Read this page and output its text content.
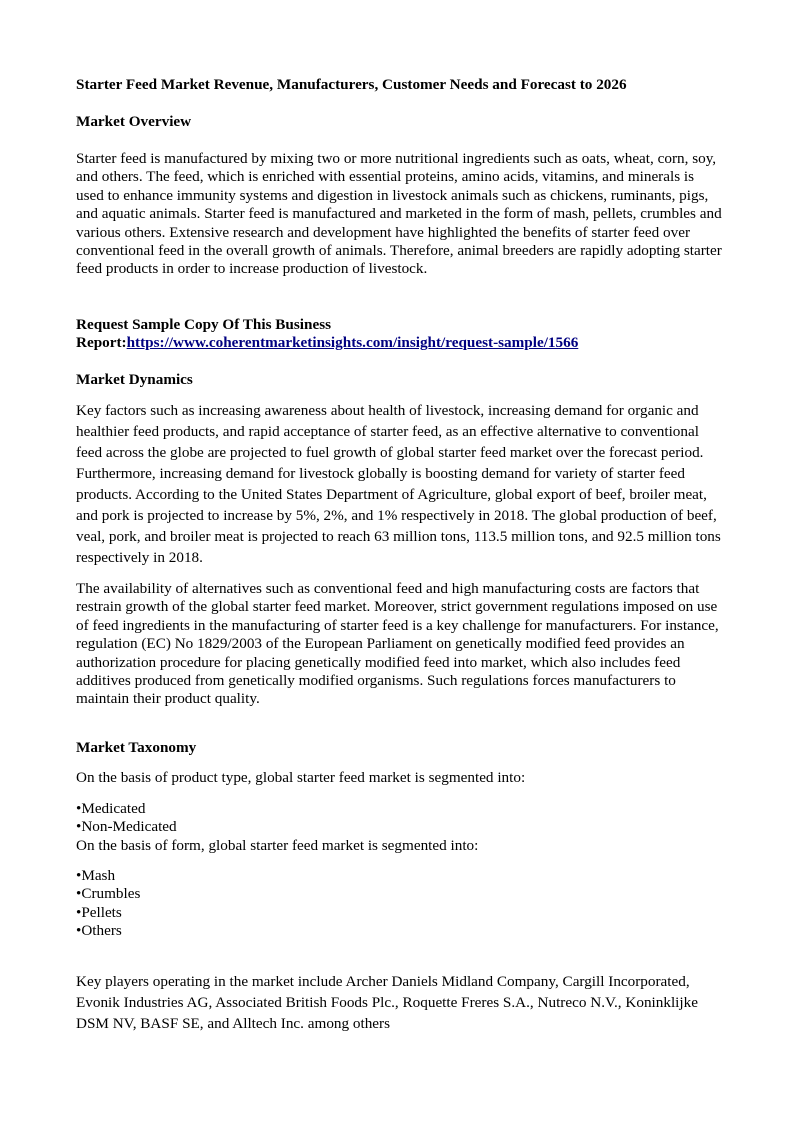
Starter Feed Market Revenue, Manufacturers, Customer Needs and Forecast to 2026
Market Overview

Starter feed is manufactured by mixing two or more nutritional ingredients such as oats, wheat, corn, soy, and others. The feed, which is enriched with essential proteins, amino acids, vitamins, and minerals is used to enhance immunity systems and digestion in livestock animals such as chickens, ruminants, pigs, and aquatic animals. Starter feed is manufactured and marketed in the form of mash, pellets, crumbles and various others. Extensive research and development have highlighted the benefits of starter feed over conventional feed in the overall growth of animals. Therefore, animal breeders are rapidly adopting starter feed products in order to increase production of livestock.

Request Sample Copy Of This Business
Report:https://www.coherentmarketinsights.com/insight/request-sample/1566
Market Dynamics

Key factors such as increasing awareness about health of livestock, increasing demand for organic and healthier feed products, and rapid acceptance of starter feed, as an effective alternative to conventional feed across the globe are projected to fuel growth of global starter feed market over the forecast period. Furthermore, increasing demand for livestock globally is boosting demand for variety of starter feed products. According to the United States Department of Agriculture, global export of beef, broiler meat, and pork is projected to increase by 5%, 2%, and 1% respectively in 2018. The global production of beef, veal, pork, and broiler meat is projected to reach 63 million tons, 113.5 million tons, and 92.5 million tons respectively in 2018.

The availability of alternatives such as conventional feed and high manufacturing costs are factors that restrain growth of the global starter feed market. Moreover, strict government regulations imposed on use of feed ingredients in the manufacturing of starter feed is a key challenge for manufacturers. For instance, regulation (EC) No 1829/2003 of the European Parliament on genetically modified feed provides an authorization procedure for placing genetically modified feed into market, which also includes feed additives produced from genetically modified organisms. Such regulations forces manufacturers to maintain their product quality.

Market Taxonomy

On the basis of product type, global starter feed market is segmented into:

•Medicated
•Non-Medicated
On the basis of form, global starter feed market is segmented into:
•Mash
•Crumbles
•Pellets
•Others

Key players operating in the market include Archer Daniels Midland Company, Cargill Incorporated, Evonik Industries AG, Associated British Foods Plc., Roquette Freres S.A., Nutreco N.V., Koninklijke DSM NV, BASF SE, and Alltech Inc. among others
